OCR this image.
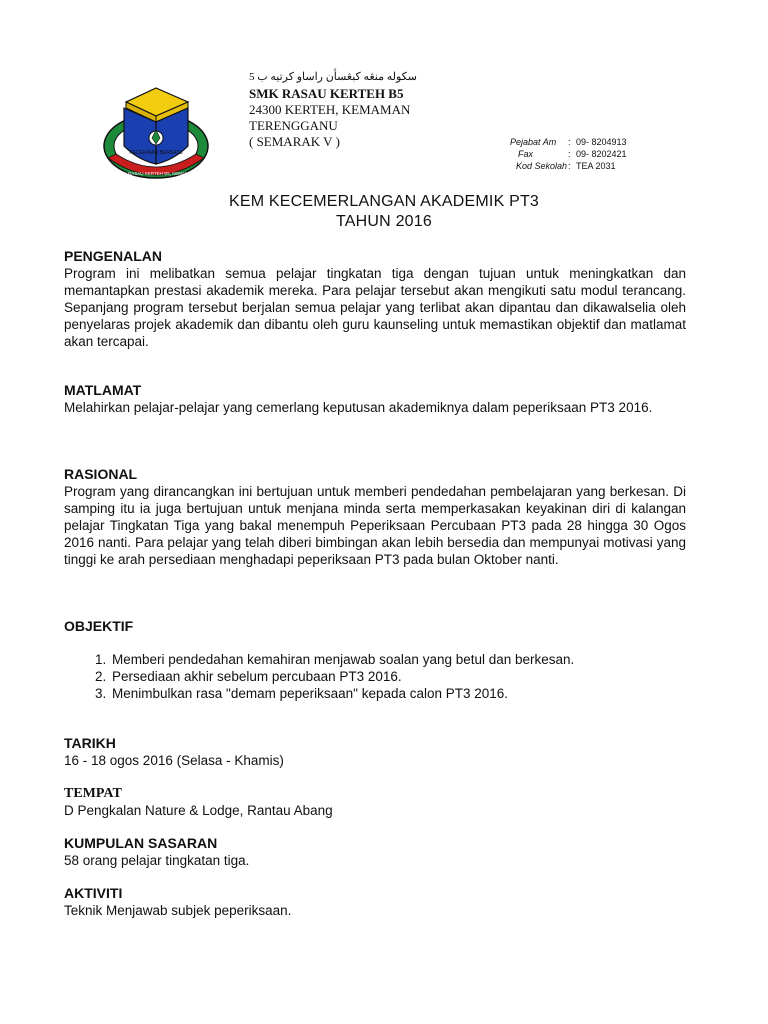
KECERIAAN BERSATU
SMK RASAU KERTEH B5, KEMAMAN
سكوله منڠه كبڠسأن راساو كرتيه ب 5
SMK RASAU KERTEH B5
24300 KERTEH, KEMAMAN
TERENGGANU
( SEMARAK V )	Pejabat Am	: 09- 8204913
Fax	: 09- 8202421
Kod Sekolah : TEA 2031
KEM KECEMERLANGAN AKADEMIK PT3
TAHUN 2016
PENGENALAN
Program ini melibatkan semua pelajar tingkatan tiga dengan tujuan untuk meningkatkan dan memantapkan prestasi akademik mereka. Para pelajar tersebut akan mengikuti satu modul terancang. Sepanjang program tersebut berjalan semua pelajar yang terlibat akan dipantau dan dikawalselia oleh penyelaras projek akademik dan dibantu oleh guru kaunseling untuk memastikan objektif dan matlamat akan tercapai.
MATLAMAT
Melahirkan pelajar-pelajar yang cemerlang keputusan akademiknya dalam peperiksaan PT3 2016.
RASIONAL
Program yang dirancangkan ini bertujuan untuk memberi pendedahan pembelajaran yang berkesan. Di samping itu ia juga bertujuan untuk menjana minda serta memperkasakan keyakinan diri di kalangan pelajar Tingkatan Tiga yang bakal menempuh Peperiksaan Percubaan PT3 pada 28 hingga 30 Ogos 2016 nanti. Para pelajar yang telah diberi bimbingan akan lebih bersedia dan mempunyai motivasi yang tinggi ke arah persediaan menghadapi peperiksaan PT3 pada bulan Oktober nanti.
OBJEKTIF
1. Memberi pendedahan kemahiran menjawab soalan yang betul dan berkesan.
2. Persediaan akhir sebelum percubaan PT3 2016.
3. Menimbulkan rasa "demam peperiksaan" kepada calon PT3 2016.
TARIKH
16 - 18 ogos 2016 (Selasa - Khamis)
TEMPAT
D Pengkalan Nature & Lodge, Rantau Abang
KUMPULAN SASARAN
58 orang pelajar tingkatan tiga.
AKTIVITI
Teknik Menjawab subjek peperiksaan.
